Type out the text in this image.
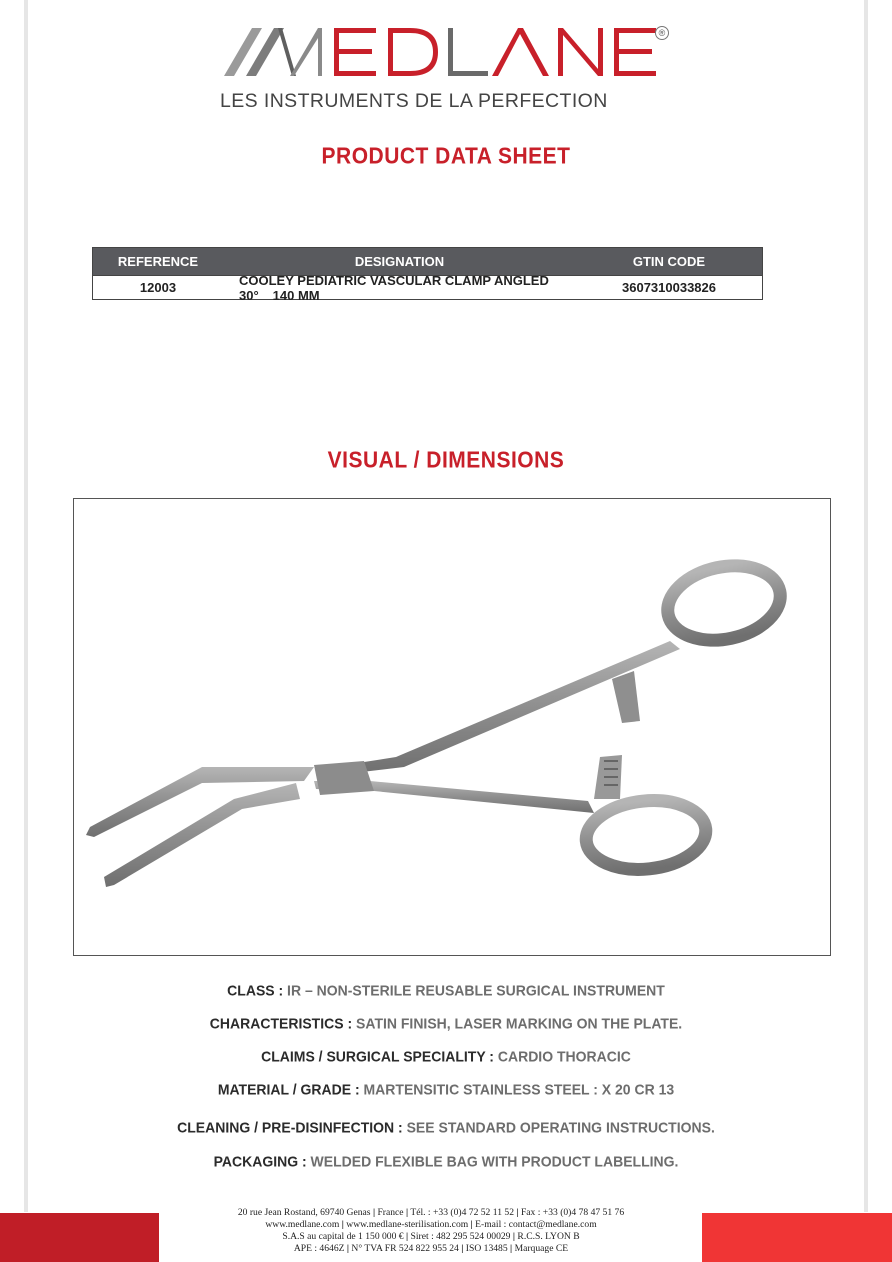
®
LES INSTRUMENTS DE LA PERFECTION
PRODUCT DATA SHEET
REFERENCE	DESIGNATION	GTIN CODE
12003	COOLEY PEDIATRIC VASCULAR CLAMP ANGLED 30° 140 MM	3607310033826
VISUAL / DIMENSIONS
CLASS : IR – NON-STERILE REUSABLE SURGICAL INSTRUMENT
CHARACTERISTICS : SATIN FINISH, LASER MARKING ON THE PLATE.
CLAIMS / SURGICAL SPECIALITY : CARDIO THORACIC
MATERIAL / GRADE : MARTENSITIC STAINLESS STEEL : X 20 CR 13
CLEANING / PRE-DISINFECTION : SEE STANDARD OPERATING INSTRUCTIONS.
PACKAGING : WELDED FLEXIBLE BAG WITH PRODUCT LABELLING.
20 rue Jean Rostand, 69740 Genas | France | Tél. : +33 (0)4 72 52 11 52 | Fax : +33 (0)4 78 47 51 76
www.medlane.com | www.medlane-sterilisation.com | E-mail : contact@medlane.com
S.A.S au capital de 1 150 000 € | Siret : 482 295 524 00029 | R.C.S. LYON B
APE : 4646Z | N° TVA FR 524 822 955 24 | ISO 13485 | Marquage CE
